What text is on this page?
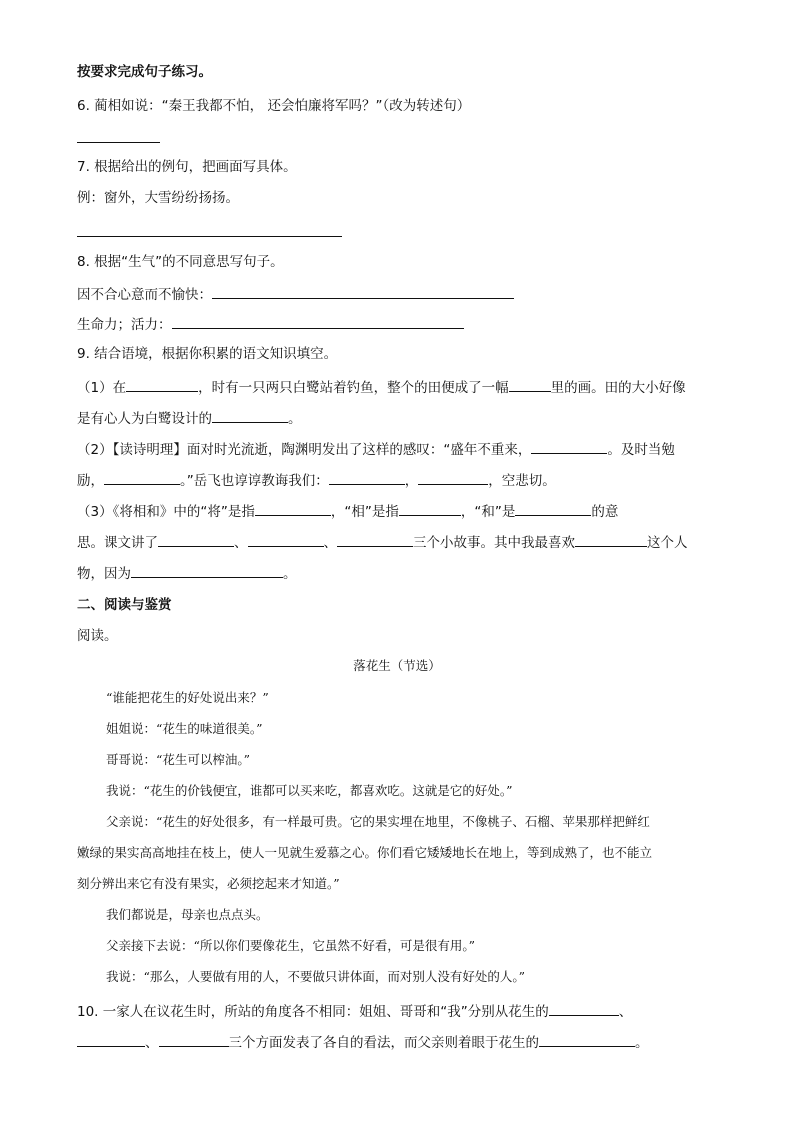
按要求完成句子练习。
6. 蔺相如说：“秦王我都不怕， 还会怕廉将军吗？”（改为转述句）
7. 根据给出的例句，把画面写具体。
例：窗外，大雪纷纷扬扬。
8. 根据“生气”的不同意思写句子。
因不合心意而不愉快：
生命力；活力：
9. 结合语境，根据你积累的语文知识填空。
（1）在	，时有一只两只白鹭站着钓鱼，整个的田便成了一幅	里的画。田的大小好像
是有心人为白鹭设计的	。
（2）【读诗明理】面对时光流逝，陶渊明发出了这样的感叹：“盛年不重来，	。及时当勉
励，	。”岳飞也谆谆教诲我们：	，	，空悲切。
（3）《将相和》中的“将”是指	，“相”是指	，“和”是	的意
思。课文讲了	、	、	三个小故事。其中我最喜欢	这个人
物，因为	。
二、阅读与鉴赏
阅读。
落花生（节选）
“谁能把花生的好处说出来？”
姐姐说：“花生的味道很美。”
哥哥说：“花生可以榨油。”
我说：“花生的价钱便宜，谁都可以买来吃，都喜欢吃。这就是它的好处。”
父亲说：“花生的好处很多，有一样最可贵。它的果实埋在地里，不像桃子、石榴、苹果那样把鲜红
嫩绿的果实高高地挂在枝上，使人一见就生爱慕之心。你们看它矮矮地长在地上，等到成熟了，也不能立
刻分辨出来它有没有果实，必须挖起来才知道。”
我们都说是，母亲也点点头。
父亲接下去说：“所以你们要像花生，它虽然不好看，可是很有用。”
我说：“那么，人要做有用的人，不要做只讲体面，而对别人没有好处的人。”
10. 一家人在议花生时，所站的角度各不相同：姐姐、哥哥和“我”分别从花生的	、
、	三个方面发表了各自的看法，而父亲则着眼于花生的	。
